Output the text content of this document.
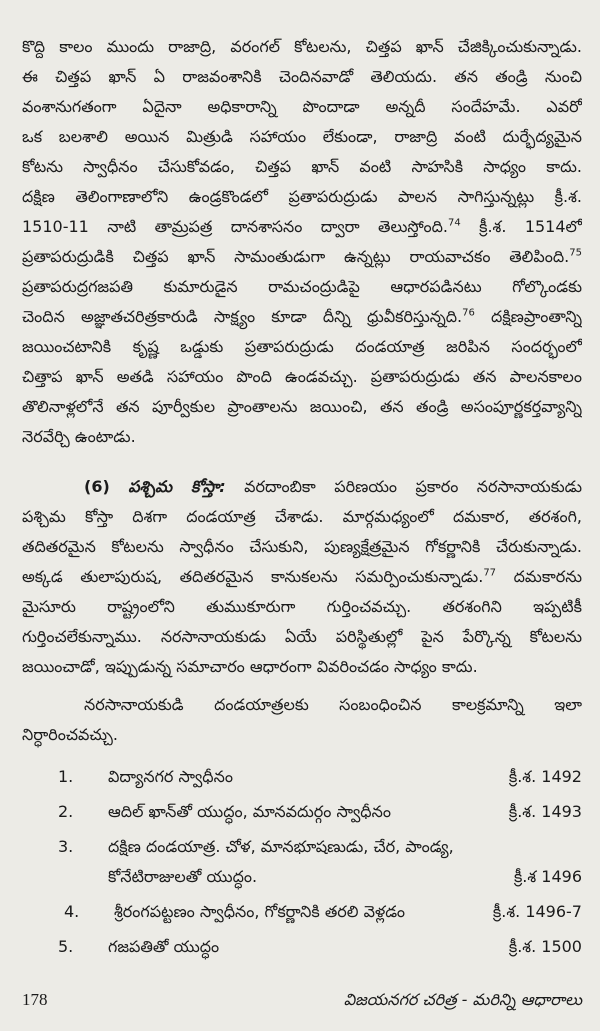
కొద్ది కాలం ముందు రాజాద్రి, వరంగల్ కోటలను, చిత్తప ఖాన్ చేజిక్కించుకున్నాడు.
ఈ చిత్తప ఖాన్ ఏ రాజవంశానికి చెందినవాడో తెలియదు. తన తండ్రి నుంచి
వంశానుగతంగా ఏదైనా అధికారాన్ని పొందాడా అన్నదీ సందేహమే. ఎవరో
ఒక బలశాలి అయిన మిత్రుడి సహాయం లేకుండా, రాజాద్రి వంటి దుర్భేద్యమైన
కోటను స్వాధీనం చేసుకోవడం, చిత్తప ఖాన్ వంటి సాహసికి సాధ్యం కాదు.
దక్షిణ తెలింగాణాలోని ఉండ్రకొండలో ప్రతాపరుద్రుడు పాలన సాగిస్తున్నట్లు క్రీ.శ.
1510-11 నాటి తామ్రపత్ర దానశాసనం ద్వారా తెలుస్తోంది.$^{74}$ క్రీ.శ. 1514లో
ప్రతాపరుద్రుడికి చిత్తప ఖాన్ సామంతుడుగా ఉన్నట్లు రాయవాచకం తెలిపింది.$^{75}$
ప్రతాపరుద్రగజపతి కుమారుడైన రామచంద్రుడిపై ఆధారపడినటు గోల్కొండకు
చెందిన అజ్ఞాతచరిత్రకారుడి సాక్ష్యం కూడా దీన్ని ధ్రువీకరిస్తున్నది.$^{76}$ దక్షిణప్రాంతాన్ని
జయించటానికి కృష్ణ ఒడ్డుకు ప్రతాపరుద్రుడు దండయాత్ర జరిపిన సందర్భంలో
చిత్తాప ఖాన్ అతడి సహాయం పొంది ఉండవచ్చు. ప్రతాపరుద్రుడు తన పాలనకాలం
తొలినాళ్లలోనే తన పూర్వీకుల ప్రాంతాలను జయించి, తన తండ్రి అసంపూర్ణకర్తవ్యాన్ని
నెరవేర్చి ఉంటాడు.
(6) పశ్చిమ కోస్తా: వరదాంబికా పరిణయం ప్రకారం నరసానాయకుడు
పశ్చిమ కోస్తా దిశగా దండయాత్ర చేశాడు. మార్గమధ్యంలో దమకార, తరశంగి,
తదితరమైన కోటలను స్వాధీనం చేసుకుని, పుణ్యక్షేత్రమైన గోకర్ణానికి చేరుకున్నాడు.
అక్కడ తులాపురుష, తదితరమైన కానుకలను సమర్పించుకున్నాడు.$^{77}$ దమకారను
మైసూరు రాష్ట్రంలోని తుముకూరుగా గుర్తించవచ్చు. తరశంగిని ఇప్పటికీ
గుర్తించలేకున్నాము. నరసానాయకుడు ఏయే పరిస్థితుల్లో పైన పేర్కొన్న కోటలను
జయించాడో, ఇప్పుడున్న సమాచారం ఆధారంగా వివరించడం సాధ్యం కాదు.
నరసానాయకుడి దండయాత్రలకు సంబంధించిన కాలక్రమాన్ని ఇలా
నిర్ధారించవచ్చు.
1.	విద్యానగర స్వాధీనం	క్రీ.శ. 1492
2.	ఆదిల్ ఖాన్‌తో యుద్ధం, మానవదుర్గం స్వాధీనం	క్రీ.శ. 1493
3.	దక్షిణ దండయాత్ర. చోళ, మానభూషణుడు, చేర, పాండ్య, కోనేటిరాజులతో యుద్ధం.	క్రీ.శ 1496
4.	శ్రీరంగపట్టణం స్వాధీనం, గోకర్ణానికి తరలి వెళ్లడం	క్రీ.శ. 1496-7
5.	గజపతితో యుద్ధం	క్రీ.శ. 1500
178	విజయనగర చరిత్ర - మరిన్ని ఆధారాలు
